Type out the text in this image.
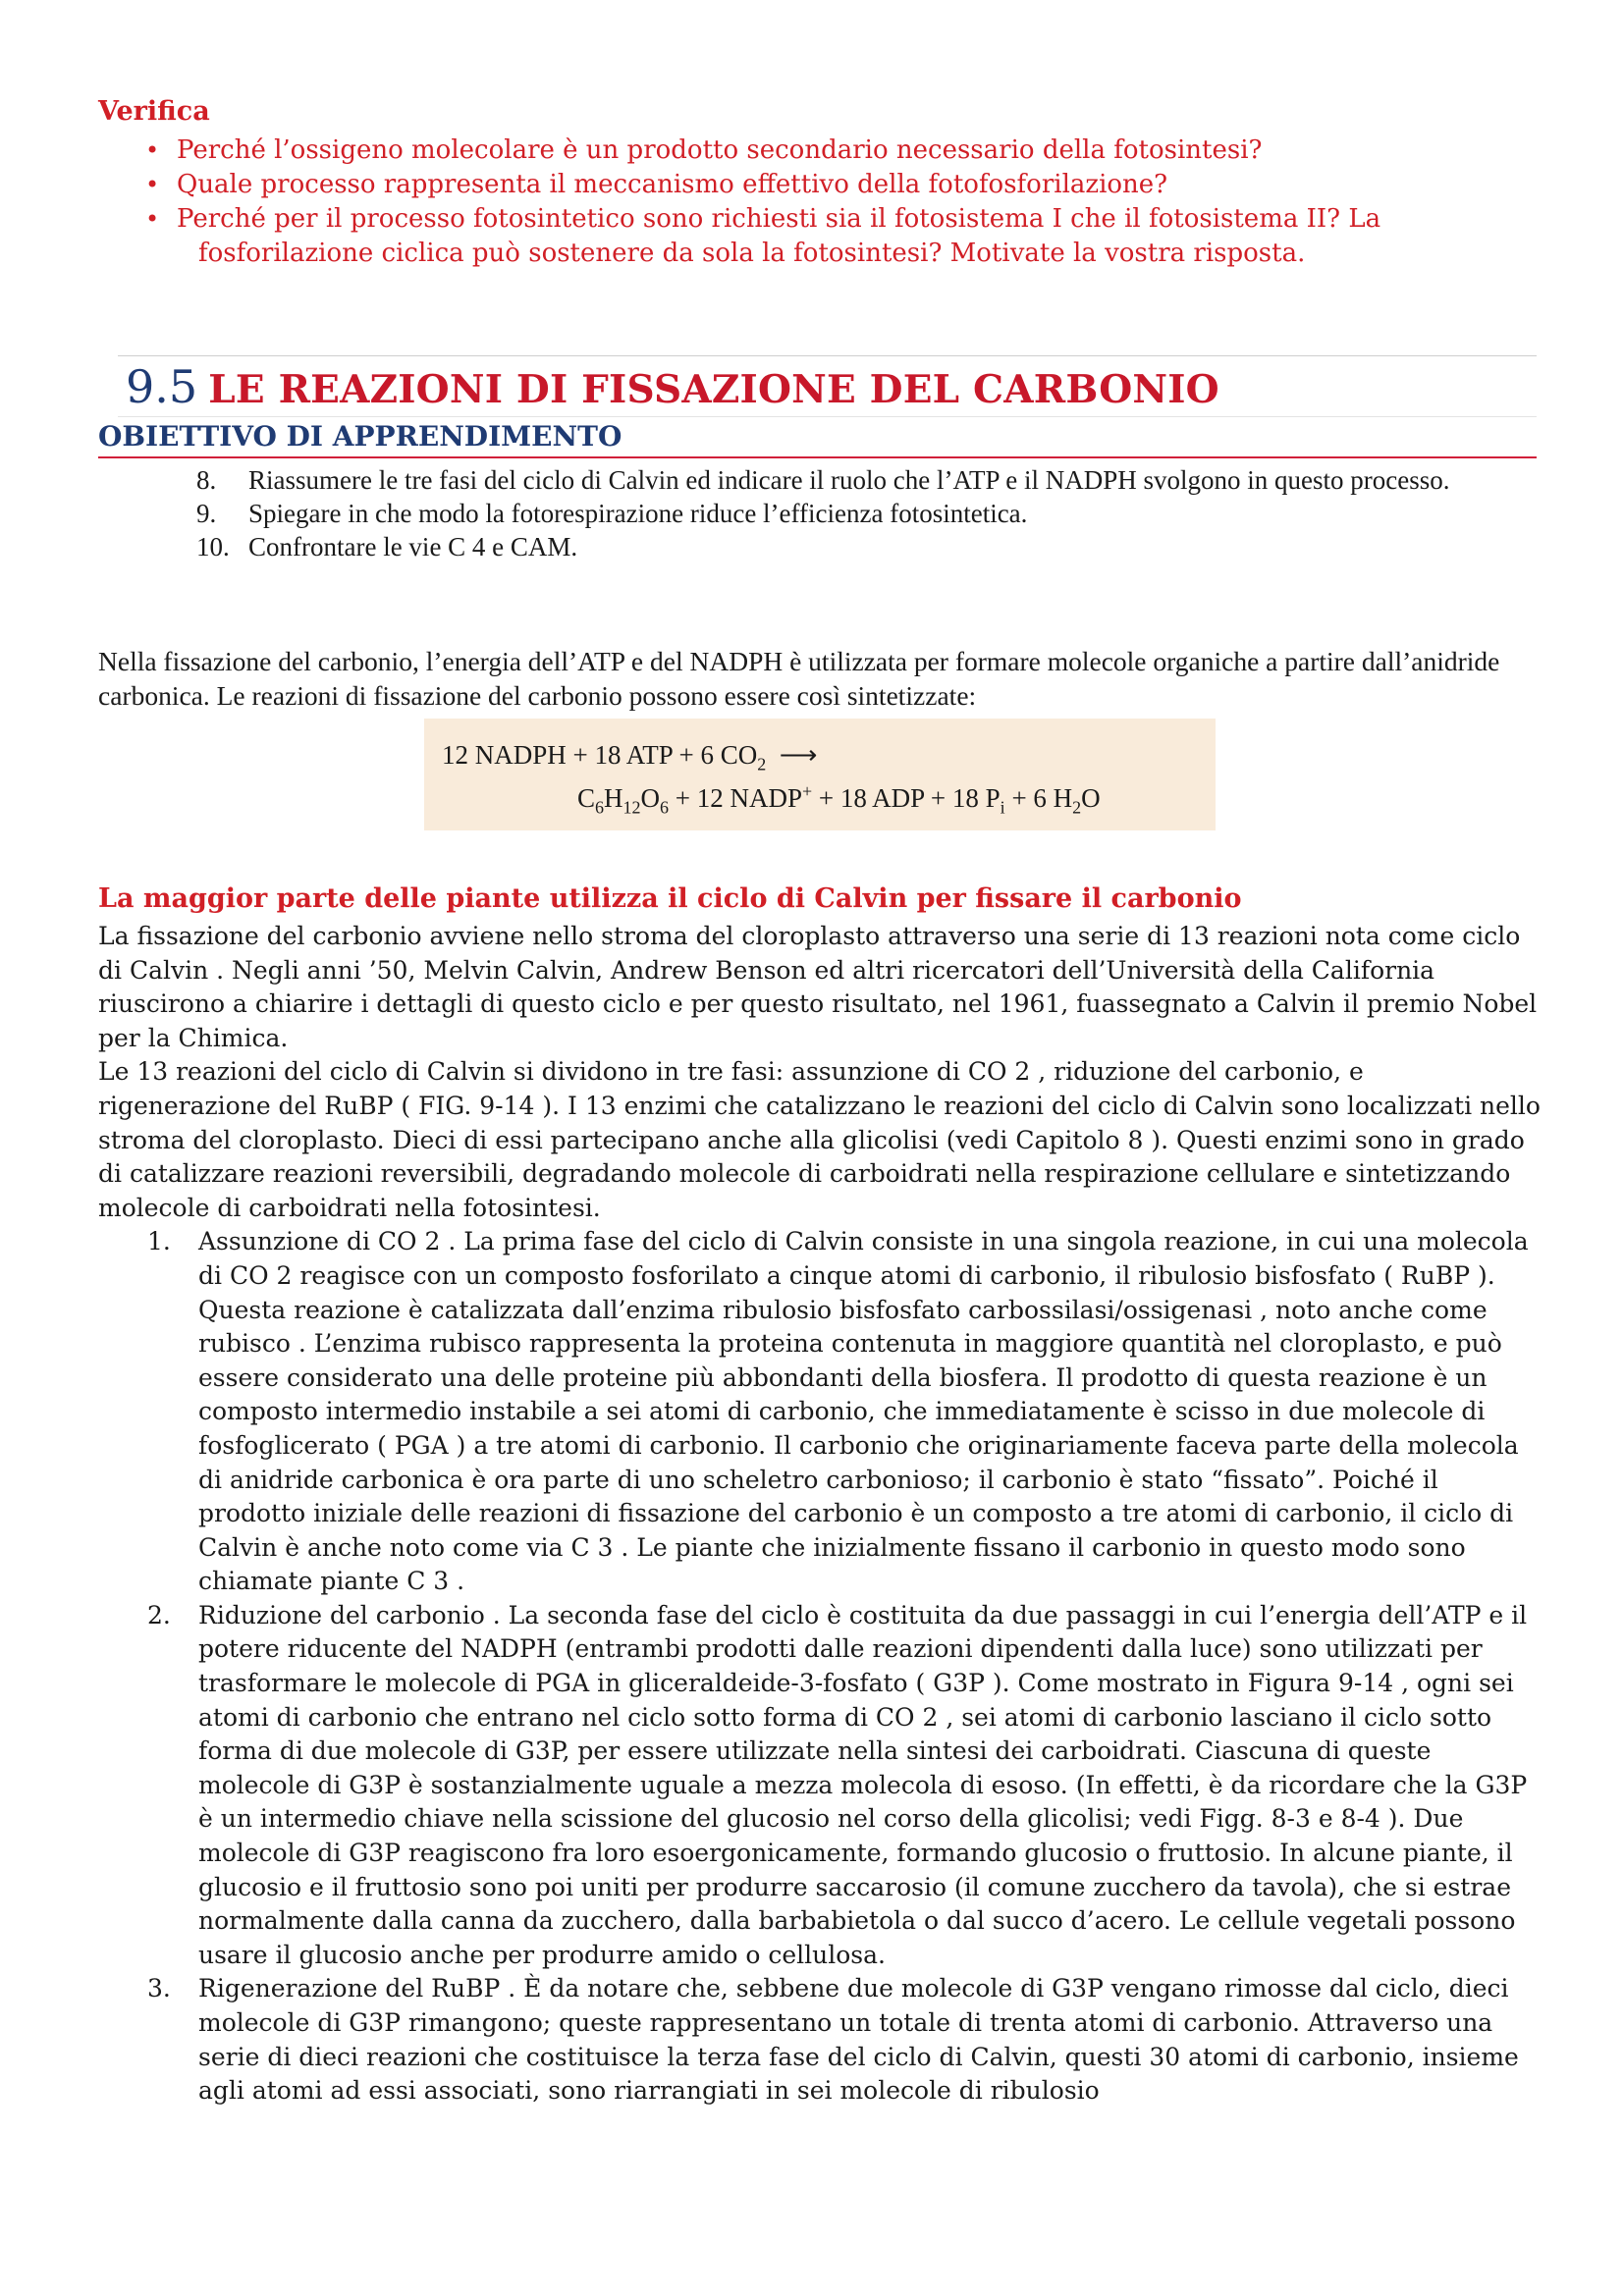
Verifica
• Perché l’ossigeno molecolare è un prodotto secondario necessario della fotosintesi?
• Quale processo rappresenta il meccanismo effettivo della fotofosforilazione?
• Perché per il processo fotosintetico sono richiesti sia il fotosistema I che il fotosistema II? La
fosforilazione ciclica può sostenere da sola la fotosintesi? Motivate la vostra risposta.
9.5 LE REAZIONI DI FISSAZIONE DEL CARBONIO
OBIETTIVO DI APPRENDIMENTO
8. Riassumere le tre fasi del ciclo di Calvin ed indicare il ruolo che l’ATP e il NADPH svolgono in questo processo.
9. Spiegare in che modo la fotorespirazione riduce l’efficienza fotosintetica.
10. Confrontare le vie C 4 e CAM.

Nella fissazione del carbonio, l’energia dell’ATP e del NADPH è utilizzata per formare molecole organiche a partire dall’anidride carbonica. Le reazioni di fissazione del carbonio possono essere così sintetizzate:

12 NADPH + 18 ATP + 6 $CO_2$ ⟶
$C_6H_{12}O_6 + 12$ NADP+ + 18 ADP + 18 $P_i + 6$ $H_2O$
La maggior parte delle piante utilizza il ciclo di Calvin per fissare il carbonio

La fissazione del carbonio avviene nello stroma del cloroplasto attraverso una serie di 13 reazioni nota come ciclo di Calvin . Negli anni ’50, Melvin Calvin, Andrew Benson ed altri ricercatori dell’Università della California riuscirono a chiarire i dettagli di questo ciclo e per questo risultato, nel 1961, fuassegnato a Calvin il premio Nobel per la Chimica.

Le 13 reazioni del ciclo di Calvin si dividono in tre fasi: assunzione di CO 2 , riduzione del carbonio, e rigenerazione del RuBP ( FIG. 9-14 ). I 13 enzimi che catalizzano le reazioni del ciclo di Calvin sono localizzati nello stroma del cloroplasto. Dieci di essi partecipano anche alla glicolisi (vedi Capitolo 8 ). Questi enzimi sono in grado di catalizzare reazioni reversibili, degradando molecole di carboidrati nella respirazione cellulare e sintetizzando molecole di carboidrati nella fotosintesi.

1. Assunzione di CO 2 . La prima fase del ciclo di Calvin consiste in una singola reazione, in cui una molecola di CO 2 reagisce con un composto fosforilato a cinque atomi di carbonio, il ribulosio bisfosfato ( RuBP ). Questa reazione è catalizzata dall’enzima ribulosio bisfosfato carbossilasi/ossigenasi , noto anche come rubisco . L’enzima rubisco rappresenta la proteina contenuta in maggiore quantità nel cloroplasto, e può essere considerato una delle proteine più abbondanti della biosfera. Il prodotto di questa reazione è un composto intermedio instabile a sei atomi di carbonio, che immediatamente è scisso in due molecole di fosfoglicerato ( PGA ) a tre atomi di carbonio. Il carbonio che originariamente faceva parte della molecola di anidride carbonica è ora parte di uno scheletro carbonioso; il carbonio è stato “fissato”. Poiché il prodotto iniziale delle reazioni di fissazione del carbonio è un composto a tre atomi di carbonio, il ciclo di Calvin è anche noto come via C 3 . Le piante che inizialmente fissano il carbonio in questo modo sono chiamate piante C 3 .
2. Riduzione del carbonio . La seconda fase del ciclo è costituita da due passaggi in cui l’energia dell’ATP e il potere riducente del NADPH (entrambi prodotti dalle reazioni dipendenti dalla luce) sono utilizzati per trasformare le molecole di PGA in gliceraldeide-3-fosfato ( G3P ). Come mostrato in Figura 9-14 , ogni sei atomi di carbonio che entrano nel ciclo sotto forma di CO 2 , sei atomi di carbonio lasciano il ciclo sotto forma di due molecole di G3P, per essere utilizzate nella sintesi dei carboidrati. Ciascuna di queste molecole di G3P è sostanzialmente uguale a mezza molecola di esoso. (In effetti, è da ricordare che la G3P è un intermedio chiave nella scissione del glucosio nel corso della glicolisi; vedi Figg. 8-3 e 8-4 ). Due molecole di G3P reagiscono fra loro esoergonicamente, formando glucosio o fruttosio. In alcune piante, il glucosio e il fruttosio sono poi uniti per produrre saccarosio (il comune zucchero da tavola), che si estrae normalmente dalla canna da zucchero, dalla barbabietola o dal succo d’acero. Le cellule vegetali possono usare il glucosio anche per produrre amido o cellulosa.
3. Rigenerazione del RuBP . È da notare che, sebbene due molecole di G3P vengano rimosse dal ciclo, dieci molecole di G3P rimangono; queste rappresentano un totale di trenta atomi di carbonio. Attraverso una serie di dieci reazioni che costituisce la terza fase del ciclo di Calvin, questi 30 atomi di carbonio, insieme agli atomi ad essi associati, sono riarrangiati in sei molecole di ribulosio
